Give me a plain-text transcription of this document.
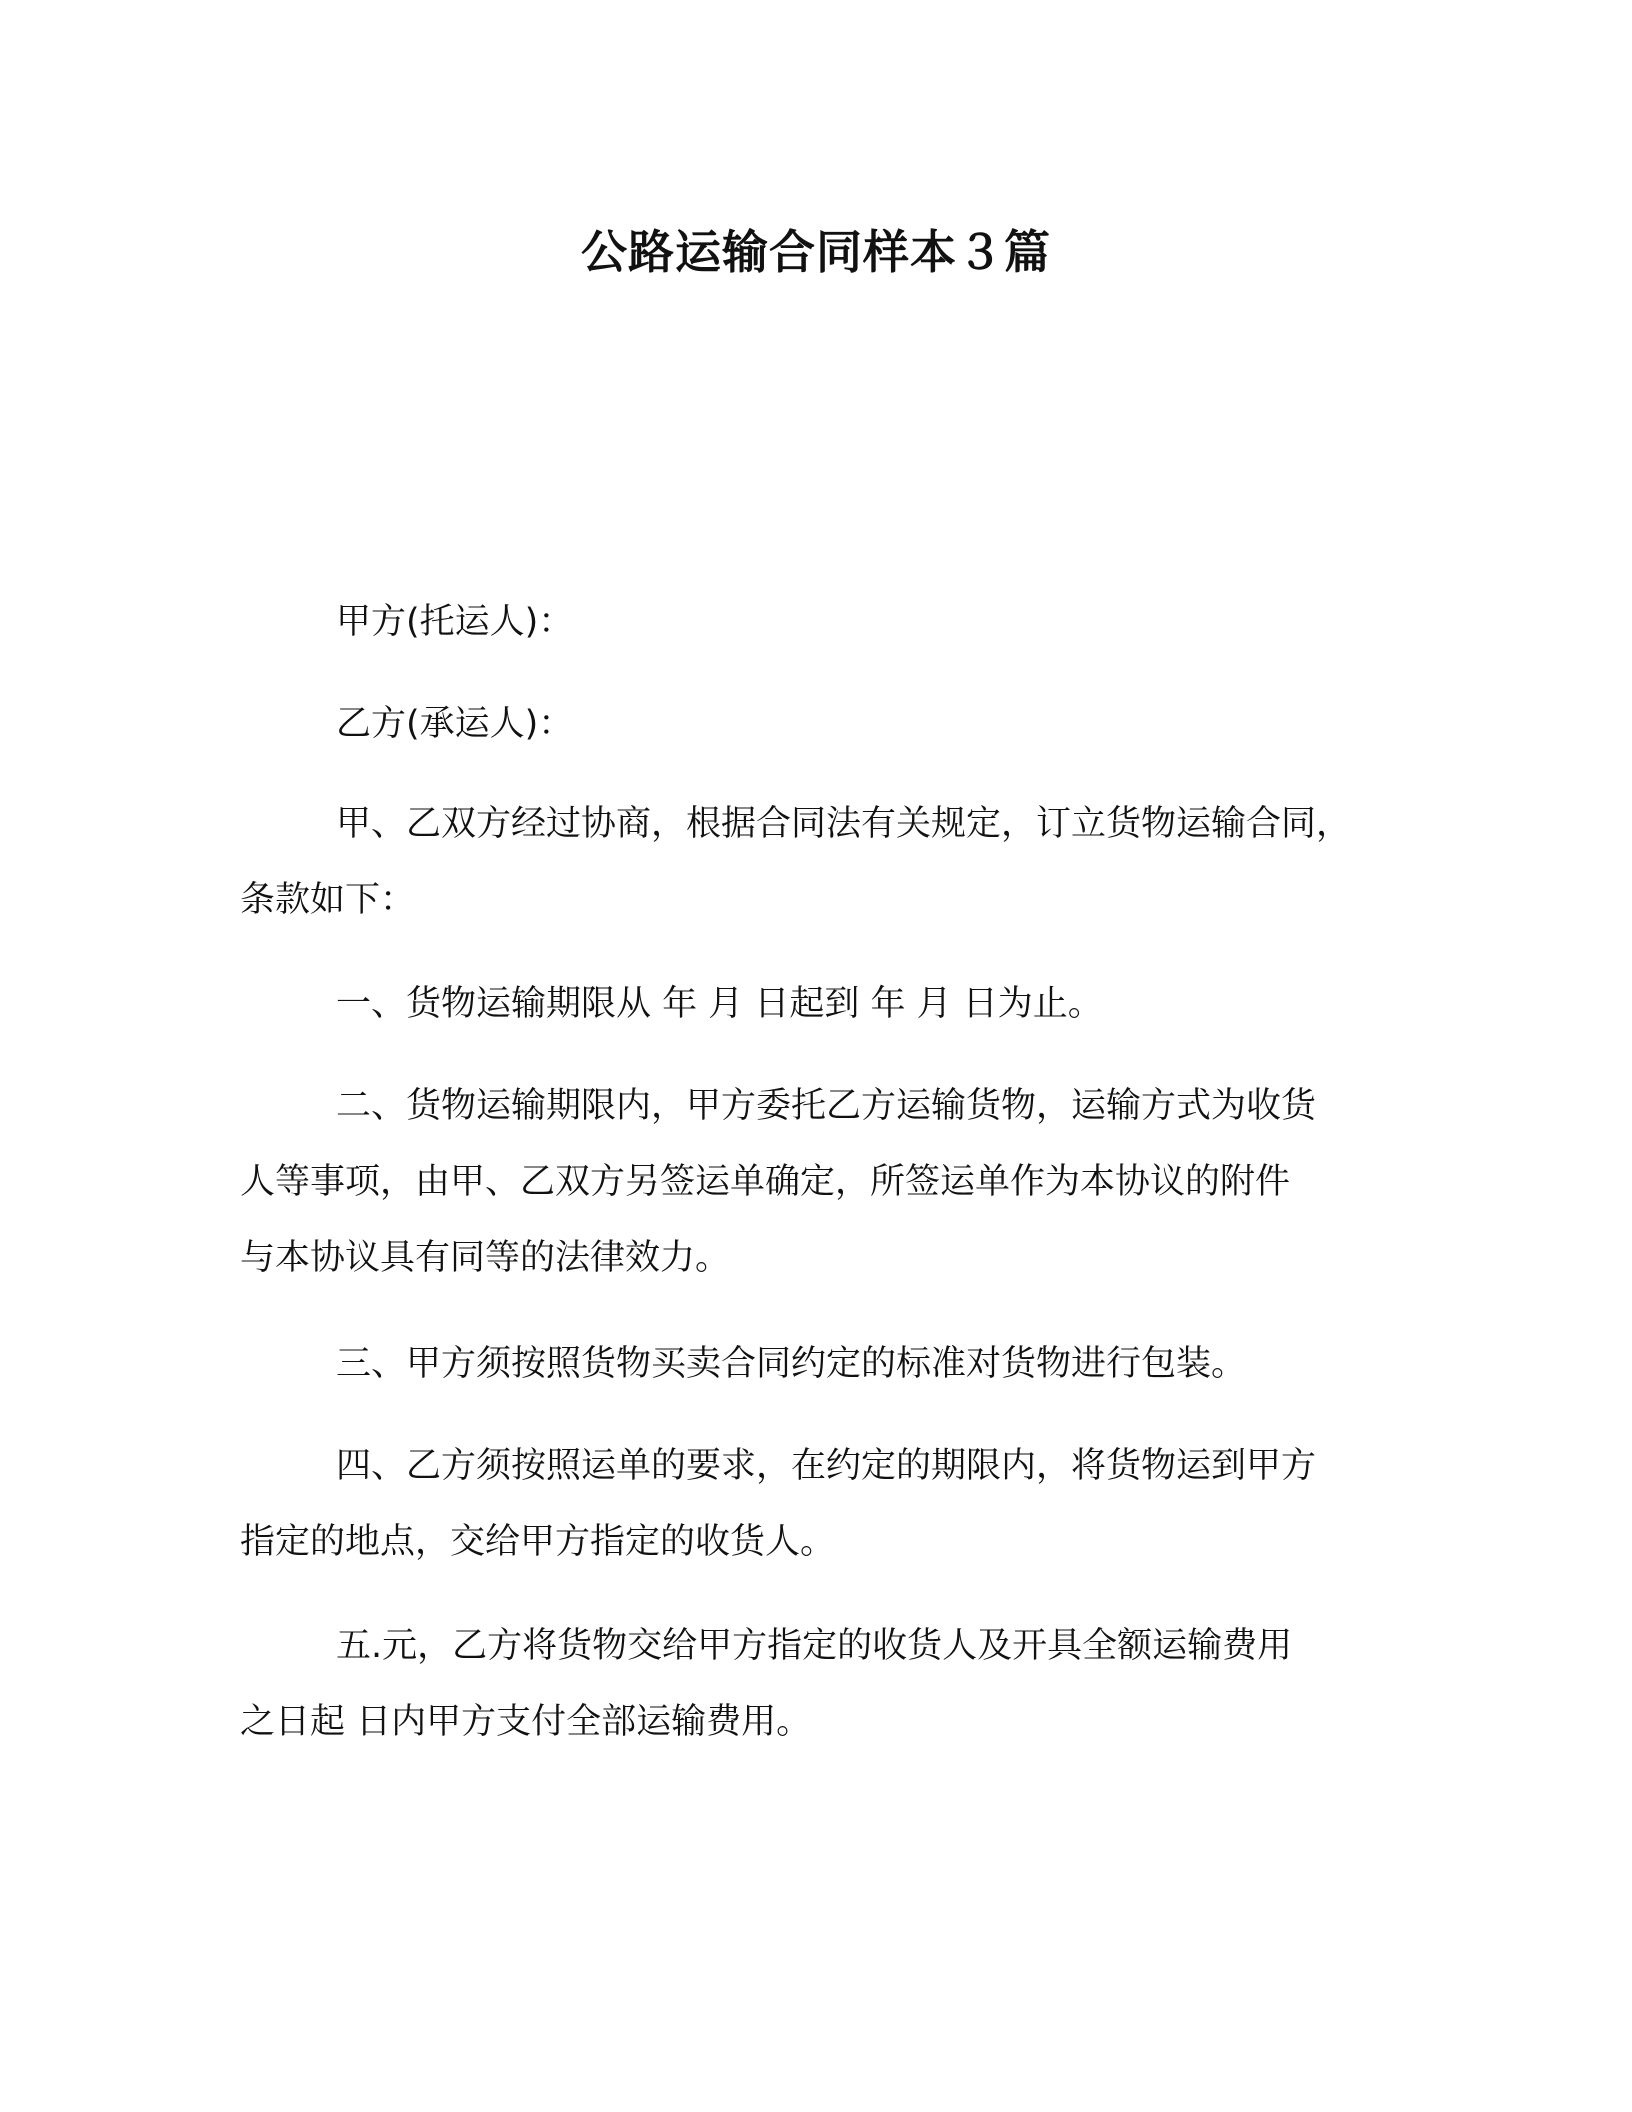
公路运输合同样本３篇

甲方(托运人)：

乙方(承运人)：

甲、乙双方经过协商，根据合同法有关规定，订立货物运输合同，
条款如下：

一、货物运输期限从 年 月 日起到 年 月 日为止。

二、货物运输期限内，甲方委托乙方运输货物，运输方式为收货
人等事项，由甲、乙双方另签运单确定，所签运单作为本协议的附件
与本协议具有同等的法律效力。

三、甲方须按照货物买卖合同约定的标准对货物进行包装。

四、乙方须按照运单的要求，在约定的期限内，将货物运到甲方
指定的地点，交给甲方指定的收货人。

五.元，乙方将货物交给甲方指定的收货人及开具全额运输费用
之日起 日内甲方支付全部运输费用。
